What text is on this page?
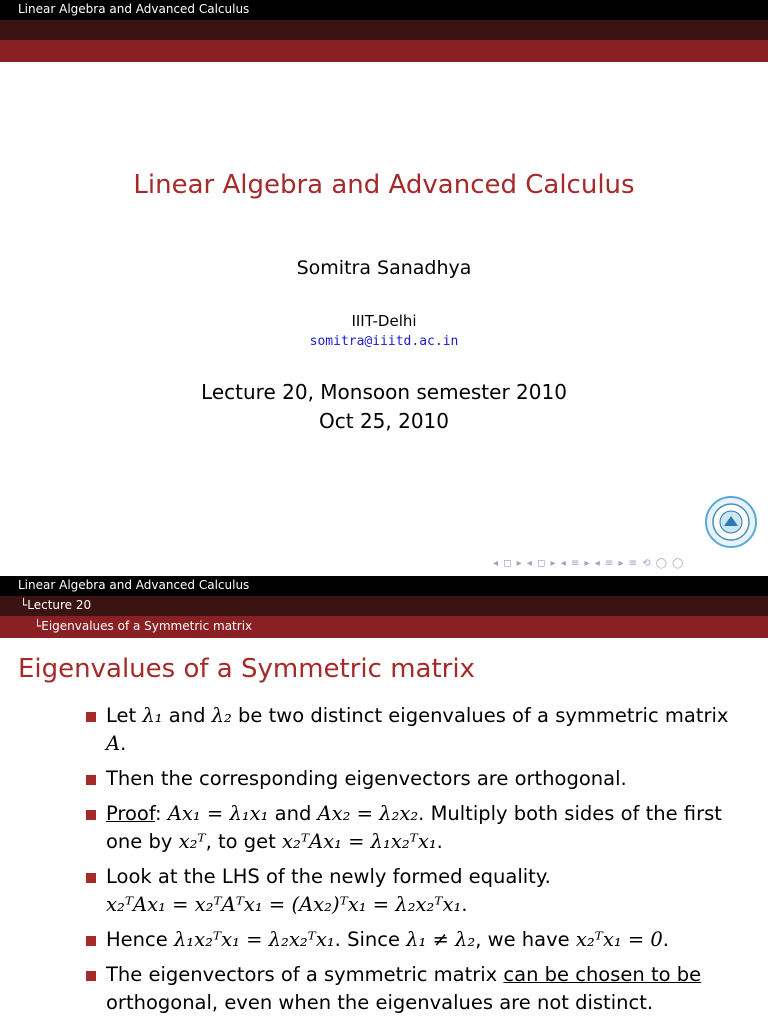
Linear Algebra and Advanced Calculus
Linear Algebra and Advanced Calculus
Somitra Sanadhya
IIIT-Delhi
somitra@iiitd.ac.in
Lecture 20, Monsoon semester 2010
Oct 25, 2010
◂ ◻ ▸ ◂ ◻ ▸ ◂ ≡ ▸ ◂ ≡ ▸ ≡ ⟲ ◯ ◯
Linear Algebra and Advanced Calculus
└Lecture 20
└Eigenvalues of a Symmetric matrix
Eigenvalues of a Symmetric matrix
Let λ₁ and λ₂ be two distinct eigenvalues of a symmetric matrix A.
Then the corresponding eigenvectors are orthogonal.
Proof: Ax₁ = λ₁x₁ and Ax₂ = λ₂x₂. Multiply both sides of the first one by x₂ᵀ, to get x₂ᵀAx₁ = λ₁x₂ᵀx₁.
Look at the LHS of the newly formed equality.
x₂ᵀAx₁ = x₂ᵀAᵀx₁ = (Ax₂)ᵀx₁ = λ₂x₂ᵀx₁.
Hence λ₁x₂ᵀx₁ = λ₂x₂ᵀx₁. Since λ₁ ≠ λ₂, we have x₂ᵀx₁ = 0.
The eigenvectors of a symmetric matrix can be chosen to be orthogonal, even when the eigenvalues are not distinct.
